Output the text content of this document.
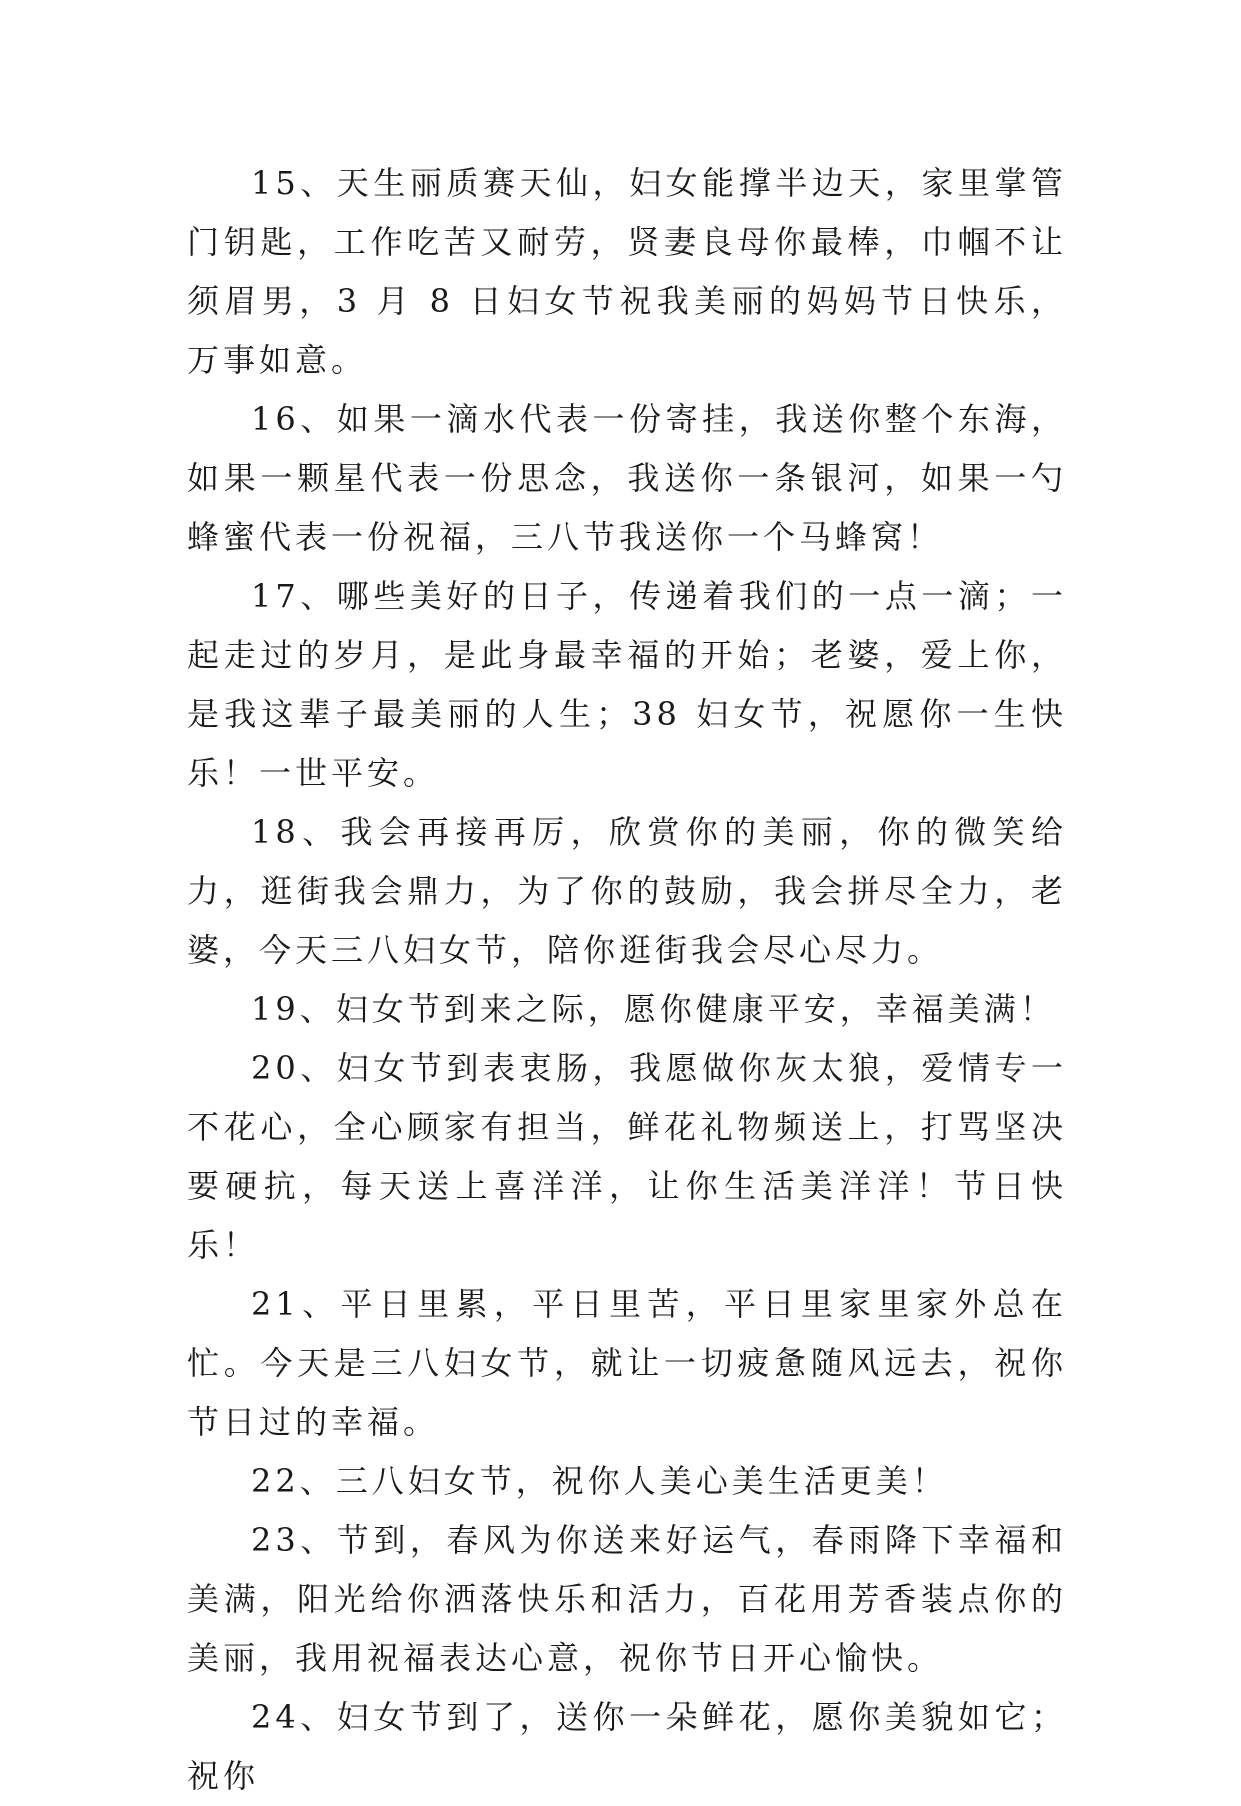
15、天生丽质赛天仙，妇女能撑半边天，家里掌管门钥匙，工作吃苦又耐劳，贤妻良母你最棒，巾帼不让须眉男，3 月 8 日妇女节祝我美丽的妈妈节日快乐，万事如意。

16、如果一滴水代表一份寄挂，我送你整个东海，如果一颗星代表一份思念，我送你一条银河，如果一勺蜂蜜代表一份祝福，三八节我送你一个马蜂窝！

17、哪些美好的日子，传递着我们的一点一滴；一起走过的岁月，是此身最幸福的开始；老婆，爱上你，是我这辈子最美丽的人生；38 妇女节，祝愿你一生快乐！一世平安。

18、我会再接再厉，欣赏你的美丽，你的微笑给力，逛街我会鼎力，为了你的鼓励，我会拼尽全力，老婆，今天三八妇女节，陪你逛街我会尽心尽力。

19、妇女节到来之际，愿你健康平安，幸福美满！

20、妇女节到表衷肠，我愿做你灰太狼，爱情专一不花心，全心顾家有担当，鲜花礼物频送上，打骂坚决要硬抗，每天送上喜洋洋，让你生活美洋洋！节日快乐！

21、平日里累，平日里苦，平日里家里家外总在忙。今天是三八妇女节，就让一切疲惫随风远去，祝你节日过的幸福。

22、三八妇女节，祝你人美心美生活更美！

23、节到，春风为你送来好运气，春雨降下幸福和美满，阳光给你洒落快乐和活力，百花用芳香装点你的美丽，我用祝福表达心意，祝你节日开心愉快。

24、妇女节到了，送你一朵鲜花，愿你美貌如它；祝你
